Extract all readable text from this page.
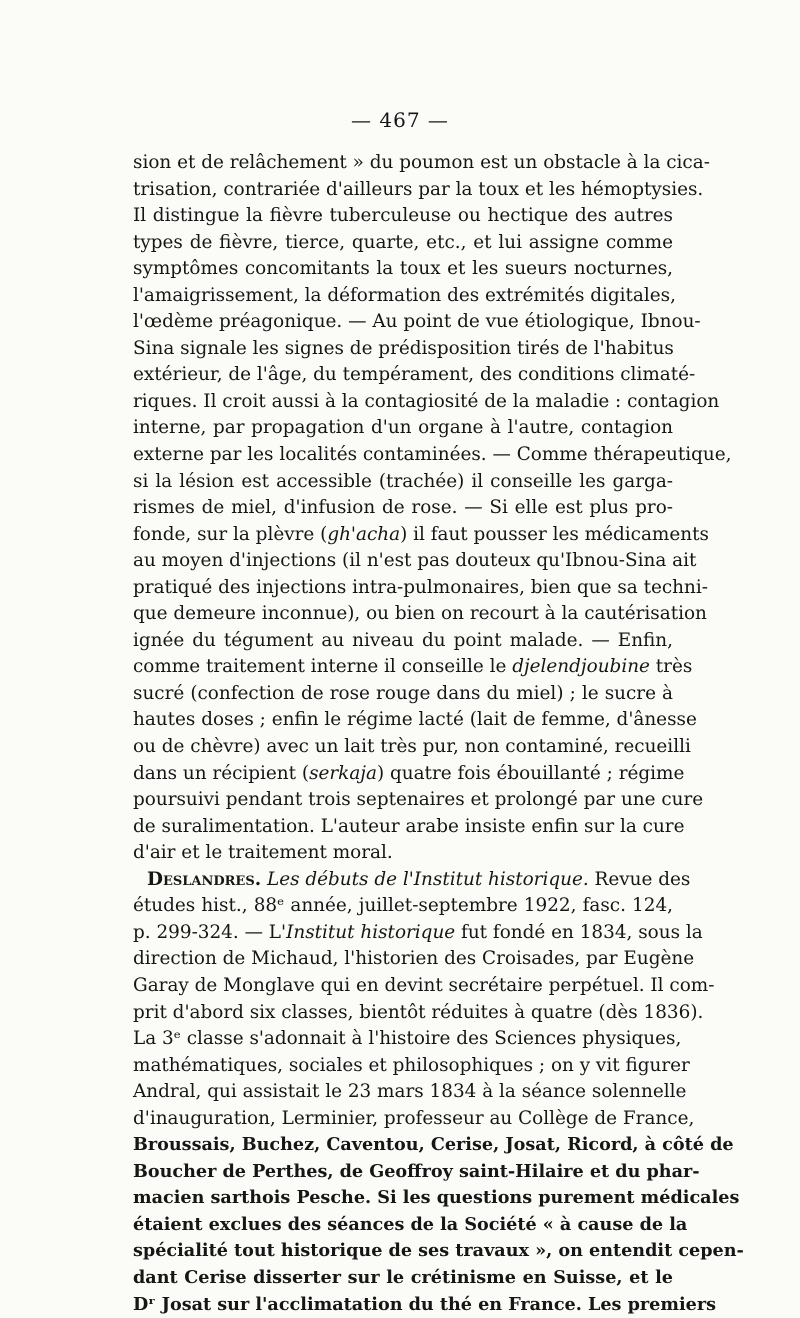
— 467 —
sion et de relâchement » du poumon est un obstacle à la cica-
trisation, contrariée d'ailleurs par la toux et les hémoptysies.
Il distingue la fièvre tuberculeuse ou hectique des autres
types de fièvre, tierce, quarte, etc., et lui assigne comme
symptômes concomitants la toux et les sueurs nocturnes,
l'amaigrissement, la déformation des extrémités digitales,
l'œdème préagonique. — Au point de vue étiologique, Ibnou-
Sina signale les signes de prédisposition tirés de l'habitus
extérieur, de l'âge, du tempérament, des conditions climaté-
riques. Il croit aussi à la contagiosité de la maladie : contagion
interne, par propagation d'un organe à l'autre, contagion
externe par les localités contaminées. — Comme thérapeutique,
si la lésion est accessible (trachée) il conseille les garga-
rismes de miel, d'infusion de rose. — Si elle est plus pro-
fonde, sur la plèvre (gh'acha) il faut pousser les médicaments
au moyen d'injections (il n'est pas douteux qu'Ibnou-Sina ait
pratiqué des injections intra-pulmonaires, bien que sa techni-
que demeure inconnue), ou bien on recourt à la cautérisation
ignée du tégument au niveau du point malade. — Enfin,
comme traitement interne il conseille le djelendjoubine très
sucré (confection de rose rouge dans du miel) ; le sucre à
hautes doses ; enfin le régime lacté (lait de femme, d'ânesse
ou de chèvre) avec un lait très pur, non contaminé, recueilli
dans un récipient (serkaja) quatre fois ébouillanté ; régime
poursuivi pendant trois septenaires et prolongé par une cure
de suralimentation. L'auteur arabe insiste enfin sur la cure
d'air et le traitement moral.
Deslandres. Les débuts de l'Institut historique. Revue des
études hist., 88ᵉ année, juillet-septembre 1922, fasc. 124,
p. 299-324. — L'Institut historique fut fondé en 1834, sous la
direction de Michaud, l'historien des Croisades, par Eugène
Garay de Monglave qui en devint secrétaire perpétuel. Il com-
prit d'abord six classes, bientôt réduites à quatre (dès 1836).
La 3ᵉ classe s'adonnait à l'histoire des Sciences physiques,
mathématiques, sociales et philosophiques ; on y vit figurer
Andral, qui assistait le 23 mars 1834 à la séance solennelle
d'inauguration, Lerminier, professeur au Collège de France,
Broussais, Buchez, Caventou, Cerise, Josat, Ricord, à côté de
Boucher de Perthes, de Geoffroy saint-Hilaire et du phar-
macien sarthois Pesche. Si les questions purement médicales
étaient exclues des séances de la Société « à cause de la
spécialité tout historique de ses travaux », on entendit cepen-
dant Cerise disserter sur le crétinisme en Suisse, et le
Dʳ Josat sur l'acclimatation du thé en France. Les premiers
